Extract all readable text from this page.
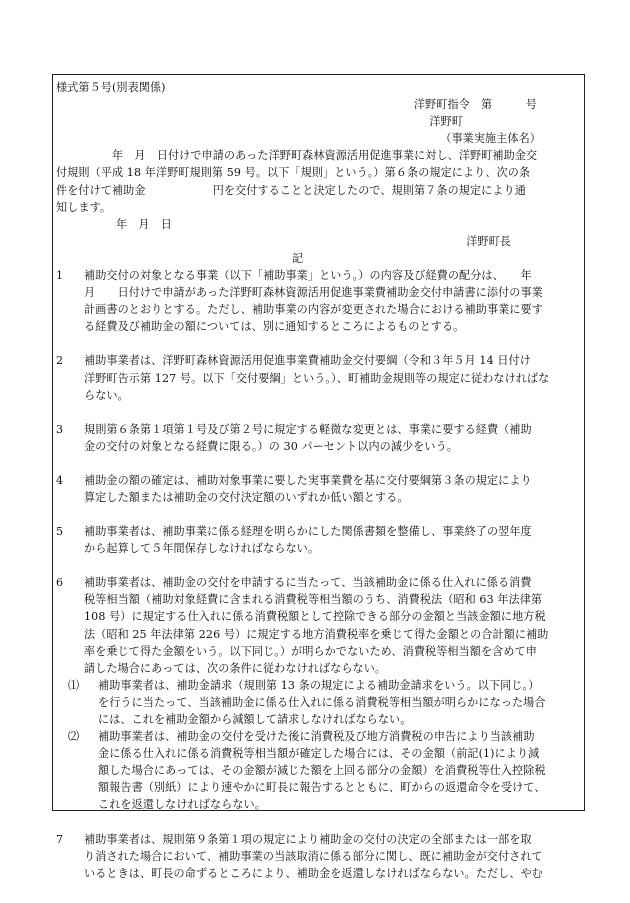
様式第５号(別表関係)
洋野町指令　第　　　号
洋野町
（事業実施主体名）
　　　　　年　月　日付けで申請のあった洋野町森林資源活用促進事業に対し、洋野町補助金交
付規則（平成 18 年洋野町規則第 59 号。以下「規則」という。）第６条の規定により、次の条
件を付けて補助金　　　　　　円を交付することと決定したので、規則第７条の規定により通
知します。
年　月　日
洋野町長
記
1	補助交付の対象となる事業（以下「補助事業」という。）の内容及び経費の配分は、　　年
月　　日付けで申請があった洋野町森林資源活用促進事業費補助金交付申請書に添付の事業
計画書のとおりとする。ただし、補助事業の内容が変更された場合における補助事業に要す
る経費及び補助金の額については、別に通知するところによるものとする。
2	補助事業者は、洋野町森林資源活用促進事業費補助金交付要綱（令和３年５月 14 日付け
洋野町告示第 127 号。以下「交付要綱」という。）、町補助金規則等の規定に従わなければな
らない。
3	規則第６条第１項第１号及び第２号に規定する軽微な変更とは、事業に要する経費（補助
金の交付の対象となる経費に限る。）の 30 パーセント以内の減少をいう。
4	補助金の額の確定は、補助対象事業に要した実事業費を基に交付要綱第３条の規定により
算定した額または補助金の交付決定額のいずれか低い額とする。
5	補助事業者は、補助事業に係る経理を明らかにした関係書類を整備し、事業終了の翌年度
から起算して５年間保存しなければならない。
6	補助事業者は、補助金の交付を申請するに当たって、当該補助金に係る仕入れに係る消費
税等相当額（補助対象経費に含まれる消費税等相当額のうち、消費税法（昭和 63 年法律第
108 号）に規定する仕入れに係る消費税額として控除できる部分の金額と当該金額に地方税
法（昭和 25 年法律第 226 号）に規定する地方消費税率を乗じて得た金額との合計額に補助
率を乗じて得た金額をいう。以下同じ。）が明らかでないため、消費税等相当額を含めて申
請した場合にあっては、次の条件に従わなければならない。
⑴ 補助事業者は、補助金請求（規則第 13 条の規定による補助金請求をいう。以下同じ。）
を行うに当たって、当該補助金に係る仕入れに係る消費税等相当額が明らかになった場合
には、これを補助金額から減額して請求しなければならない。
⑵ 補助事業者は、補助金の交付を受けた後に消費税及び地方消費税の申告により当該補助
金に係る仕入れに係る消費税等相当額が確定した場合には、その金額（前記(1)により減
額した場合にあっては、その金額が減じた額を上回る部分の金額）を消費税等仕入控除税
額報告書（別紙）により速やかに町長に報告するとともに、町からの返還命令を受けて、
これを返還しなければならない。
7	補助事業者は、規則第９条第１項の規定により補助金の交付の決定の全部または一部を取
り消された場合において、補助事業の当該取消に係る部分に関し、既に補助金が交付されて
いるときは、町長の命ずるところにより、補助金を返還しなければならない。ただし、やむ
